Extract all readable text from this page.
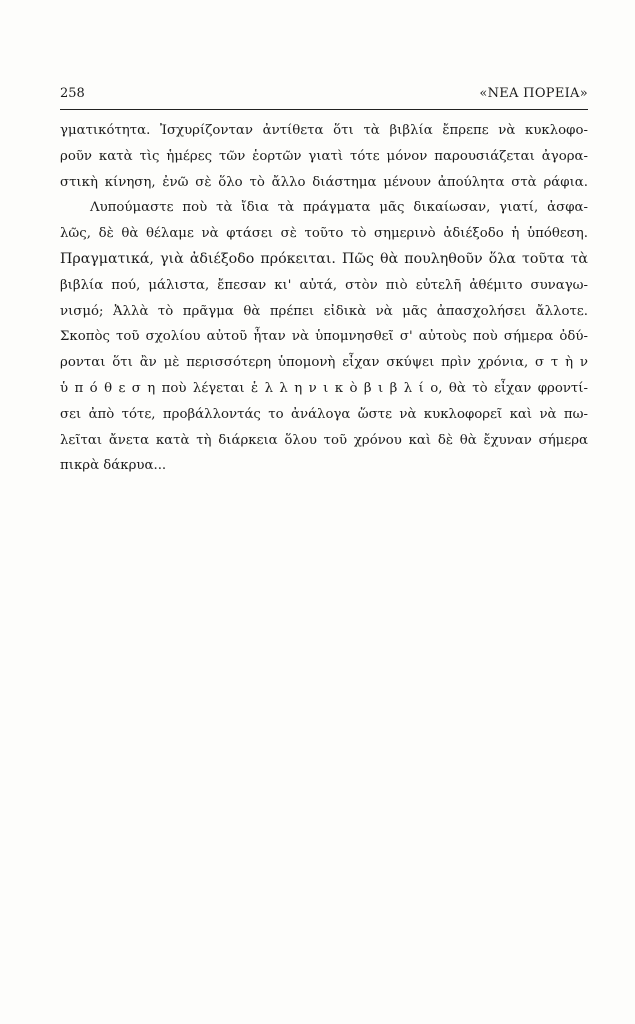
258	«ΝΕΑ ΠΟΡΕΙΑ»
γματικότητα. Ἰσχυρίζονταν ἀντίθετα ὅτι τὰ βιβλία ἔπρεπε νὰ κυκλοφο-
ροῦν κατὰ τὶς ἡμέρες τῶν ἑορτῶν γιατὶ τότε μόνον παρουσιάζεται ἀγορα-
στικὴ κίνηση, ἐνῶ σὲ ὅλο τὸ ἄλλο διάστημα μένουν ἀπούλητα στὰ ράφια.
Λυπούμαστε ποὺ τὰ ἴδια τὰ πράγματα μᾶς δικαίωσαν, γιατί, ἀσφα-
λῶς, δὲ θὰ θέλαμε νὰ φτάσει σὲ τοῦτο τὸ σημερινὸ ἀδιέξοδο ἡ ὑπόθεση.
Πραγματικά, γιὰ ἀδιέξοδο πρόκειται. Πῶς θὰ πουληθοῦν ὅλα τοῦτα τὰ
βιβλία πού, μάλιστα, ἔπεσαν κι' αὐτά, στὸν πιὸ εὐτελῆ ἀθέμιτο συναγω-
νισμό; Ἀλλὰ τὸ πρᾶγμα θὰ πρέπει εἰδικὰ νὰ μᾶς ἀπασχολήσει ἄλλοτε.
Σκοπὸς τοῦ σχολίου αὐτοῦ ἦταν νὰ ὑπομνησθεῖ σ' αὐτοὺς ποὺ σήμερα ὀδύ-
ρονται ὅτι ἂν μὲ περισσότερη ὑπομονὴ εἶχαν σκύψει πρὶν χρόνια, σ τ ὴ ν
ὑ π ό θ ε σ η ποὺ λέγεται ἑ λ λ η ν ι κ ὸ β ι β λ ί ο, θὰ τὸ εἶχαν φροντί-
σει ἀπὸ τότε, προβάλλοντάς το ἀνάλογα ὥστε νὰ κυκλοφορεῖ καὶ νὰ πω-
λεῖται ἄνετα κατὰ τὴ διάρκεια ὅλου τοῦ χρόνου καὶ δὲ θὰ ἔχυναν σήμερα
πικρὰ δάκρυα...
